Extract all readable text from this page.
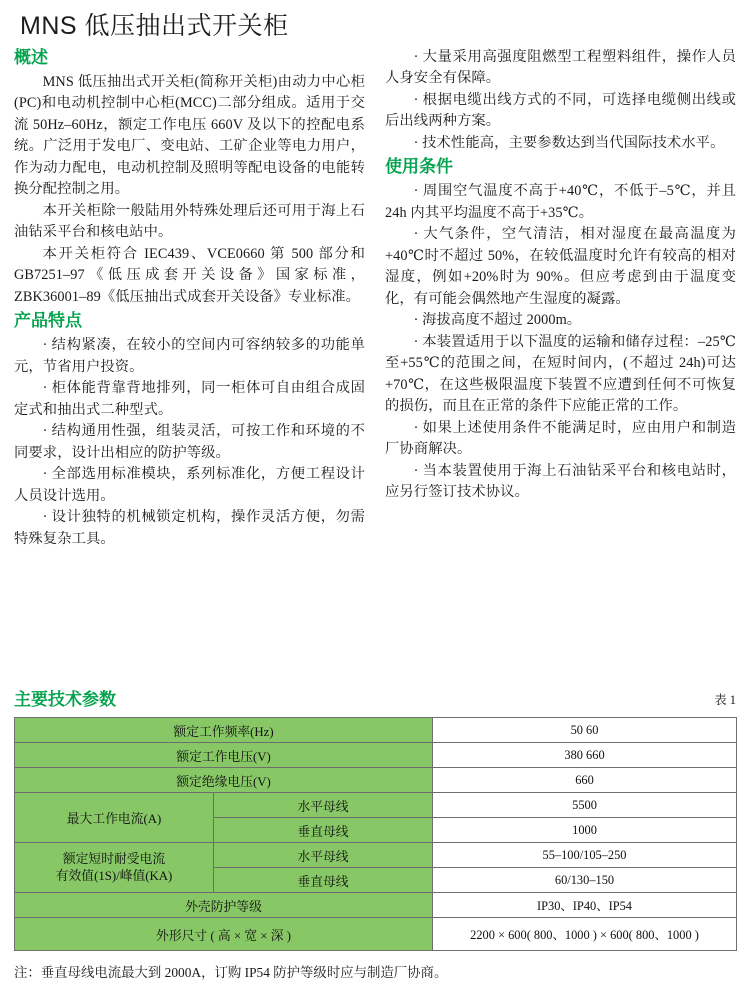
MNS 低压抽出式开关柜
概述

MNS 低压抽出式开关柜(简称开关柜)由动力中心柜(PC)和电动机控制中心柜(MCC)二部分组成。适用于交流 50Hz–60Hz，额定工作电压 660V 及以下的控配电系统。广泛用于发电厂、变电站、工矿企业等电力用户，作为动力配电，电动机控制及照明等配电设备的电能转换分配控制之用。

本开关柜除一般陆用外特殊处理后还可用于海上石油钻采平台和核电站中。

本开关柜符合 IEC439、VCE0660 第 500 部分和 GB7251–97《低压成套开关设备》国家标准，ZBK36001–89《低压抽出式成套开关设备》专业标准。

产品特点

· 结构紧凑，在较小的空间内可容纳较多的功能单元，节省用户投资。

· 柜体能背靠背地排列，同一柜体可自由组合成固定式和抽出式二种型式。

· 结构通用性强，组装灵活，可按工作和环境的不同要求，设计出相应的防护等级。

· 全部选用标准模块，系列标准化，方便工程设计人员设计选用。

· 设计独特的机械锁定机构，操作灵活方便，勿需特殊复杂工具。

· 大量采用高强度阻燃型工程塑料组件，操作人员人身安全有保障。

· 根据电缆出线方式的不同，可选择电缆侧出线或后出线两种方案。

· 技术性能高，主要参数达到当代国际技术水平。

使用条件

· 周围空气温度不高于+40℃，不低于–5℃，并且 24h 内其平均温度不高于+35℃。

· 大气条件，空气清洁，相对湿度在最高温度为+40℃时不超过 50%，在较低温度时允许有较高的相对湿度，例如+20%时为 90%。但应考虑到由于温度变化，有可能会偶然地产生湿度的凝露。

· 海拔高度不超过 2000m。

· 本装置适用于以下温度的运输和储存过程：–25℃至+55℃的范围之间，在短时间内，(不超过 24h)可达+70℃，在这些极限温度下装置不应遭到任何不可恢复的损伤，而且在正常的条件下应能正常的工作。

· 如果上述使用条件不能满足时，应由用户和制造厂协商解决。

· 当本装置使用于海上石油钻采平台和核电站时，应另行签订技术协议。

主要技术参数	表 1
额定工作频率(Hz)		50 60
额定工作电压(V)		380 660
额定绝缘电压(V)		660
最大工作电流(A)	水平母线	5500
	垂直母线	1000

额定短时耐受电流
有效值(1S)/峰值(KA)	水平母线	55–100/105–250
	垂直母线	60/130–150
外壳防护等级		IP30、IP40、IP54
外形尺寸 ( 高 × 宽 × 深 )		2200 × 600( 800、1000 ) × 600( 800、1000 )
注：垂直母线电流最大到 2000A，订购 IP54 防护等级时应与制造厂协商。
